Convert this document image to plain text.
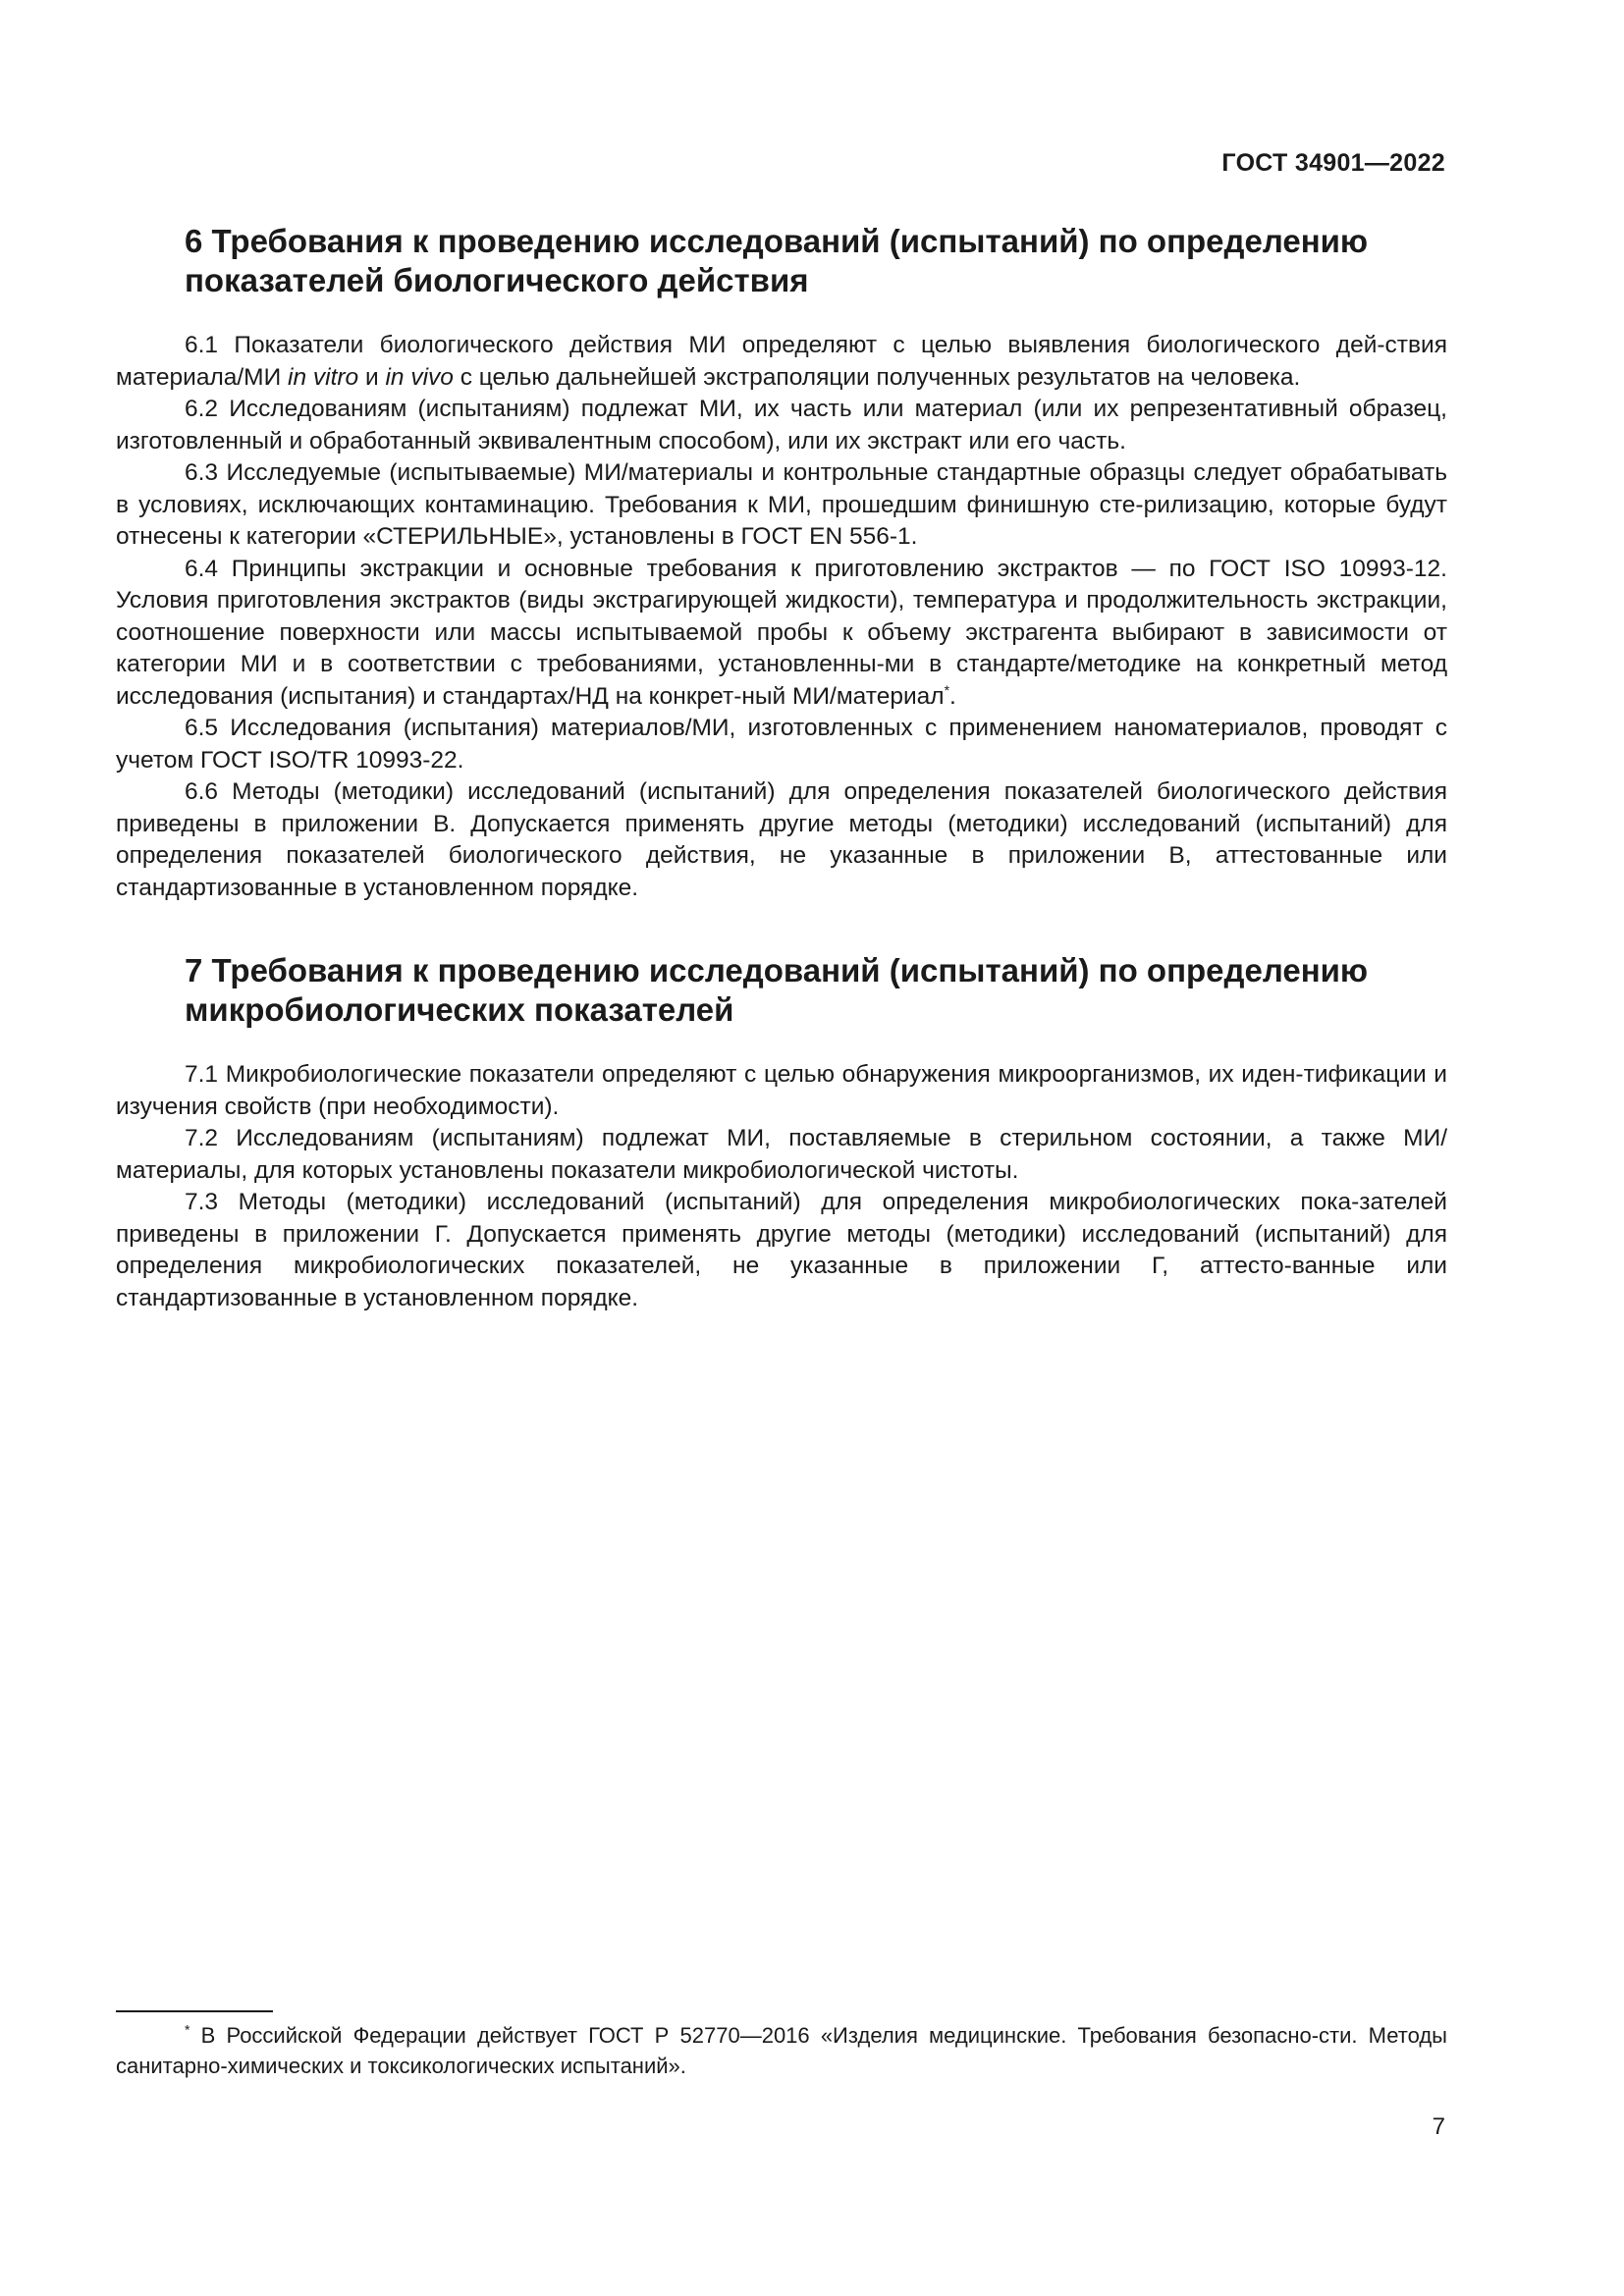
ГОСТ 34901—2022
6 Требования к проведению исследований (испытаний) по определению показателей биологического действия

6.1 Показатели биологического действия МИ определяют с целью выявления биологического дей-ствия материала/МИ in vitro и in vivo с целью дальнейшей экстраполяции полученных результатов на человека.

6.2 Исследованиям (испытаниям) подлежат МИ, их часть или материал (или их репрезентативный образец, изготовленный и обработанный эквивалентным способом), или их экстракт или его часть.

6.3 Исследуемые (испытываемые) МИ/материалы и контрольные стандартные образцы следует обрабатывать в условиях, исключающих контаминацию. Требования к МИ, прошедшим финишную сте-рилизацию, которые будут отнесены к категории «СТЕРИЛЬНЫЕ», установлены в ГОСТ EN 556-1.

6.4 Принципы экстракции и основные требования к приготовлению экстрактов — по ГОСТ ISO 10993-12. Условия приготовления экстрактов (виды экстрагирующей жидкости), температура и продолжительность экстракции, соотношение поверхности или массы испытываемой пробы к объему экстрагента выбирают в зависимости от категории МИ и в соответствии с требованиями, установленны-ми в стандарте/методике на конкретный метод исследования (испытания) и стандартах/НД на конкрет-ный МИ/материал*.

6.5 Исследования (испытания) материалов/МИ, изготовленных с применением наноматериалов, проводят с учетом ГОСТ ISO/TR 10993-22.

6.6 Методы (методики) исследований (испытаний) для определения показателей биологического действия приведены в приложении В. Допускается применять другие методы (методики) исследований (испытаний) для определения показателей биологического действия, не указанные в приложении В, аттестованные или стандартизованные в установленном порядке.

7 Требования к проведению исследований (испытаний) по определению микробиологических показателей

7.1 Микробиологические показатели определяют с целью обнаружения микроорганизмов, их иден-тификации и изучения свойств (при необходимости).

7.2 Исследованиям (испытаниям) подлежат МИ, поставляемые в стерильном состоянии, а также МИ/материалы, для которых установлены показатели микробиологической чистоты.

7.3 Методы (методики) исследований (испытаний) для определения микробиологических пока-зателей приведены в приложении Г. Допускается применять другие методы (методики) исследований (испытаний) для определения микробиологических показателей, не указанные в приложении Г, аттесто-ванные или стандартизованные в установленном порядке.

* В Российской Федерации действует ГОСТ Р 52770—2016 «Изделия медицинские. Требования безопасно-сти. Методы санитарно-химических и токсикологических испытаний».
7
